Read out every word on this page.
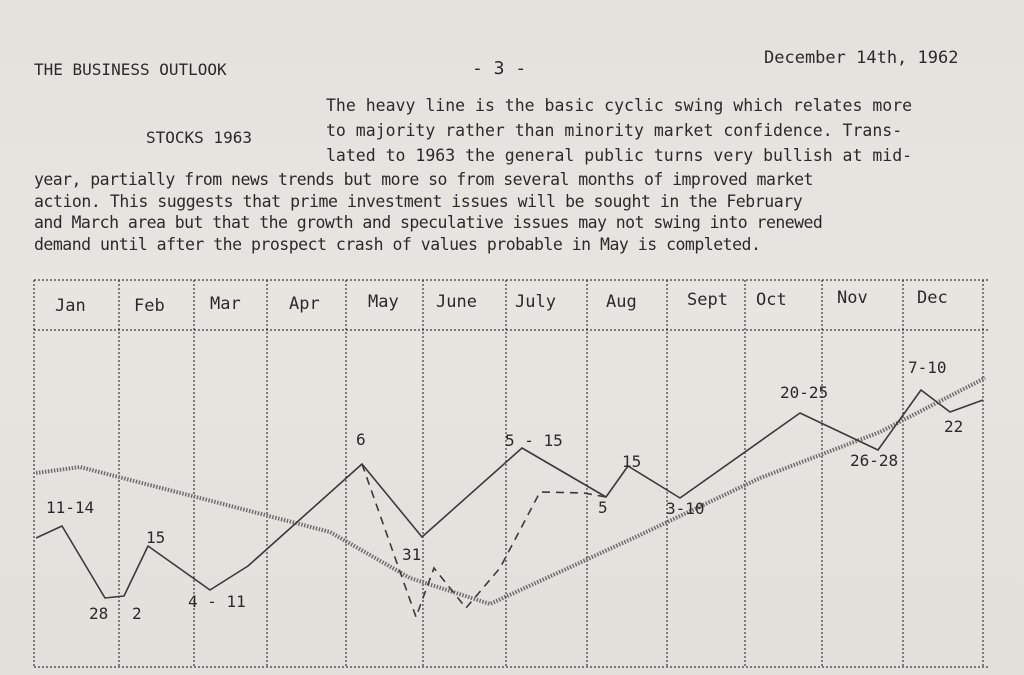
THE BUSINESS OUTLOOK	- 3 -	December 14th, 1962
STOCKS 1963
The heavy line is the basic cyclic swing which relates more
to majority rather than minority market confidence. Trans-
lated to 1963 the general public turns very bullish at mid-
year, partially from news trends but more so from several months of improved market
action. This suggests that prime investment issues will be sought in the February
and March area but that the growth and speculative issues may not swing into renewed
demand until after the prospect crash of values probable in May is completed.
Jan	Feb	Mar	Apr	May June July	Aug	Sept Oct	Nov	Dec
11-14
28 2
15
4 - 11
6
31
5 - 15
15
5	3-10
20-25
26-28
7-10
22
